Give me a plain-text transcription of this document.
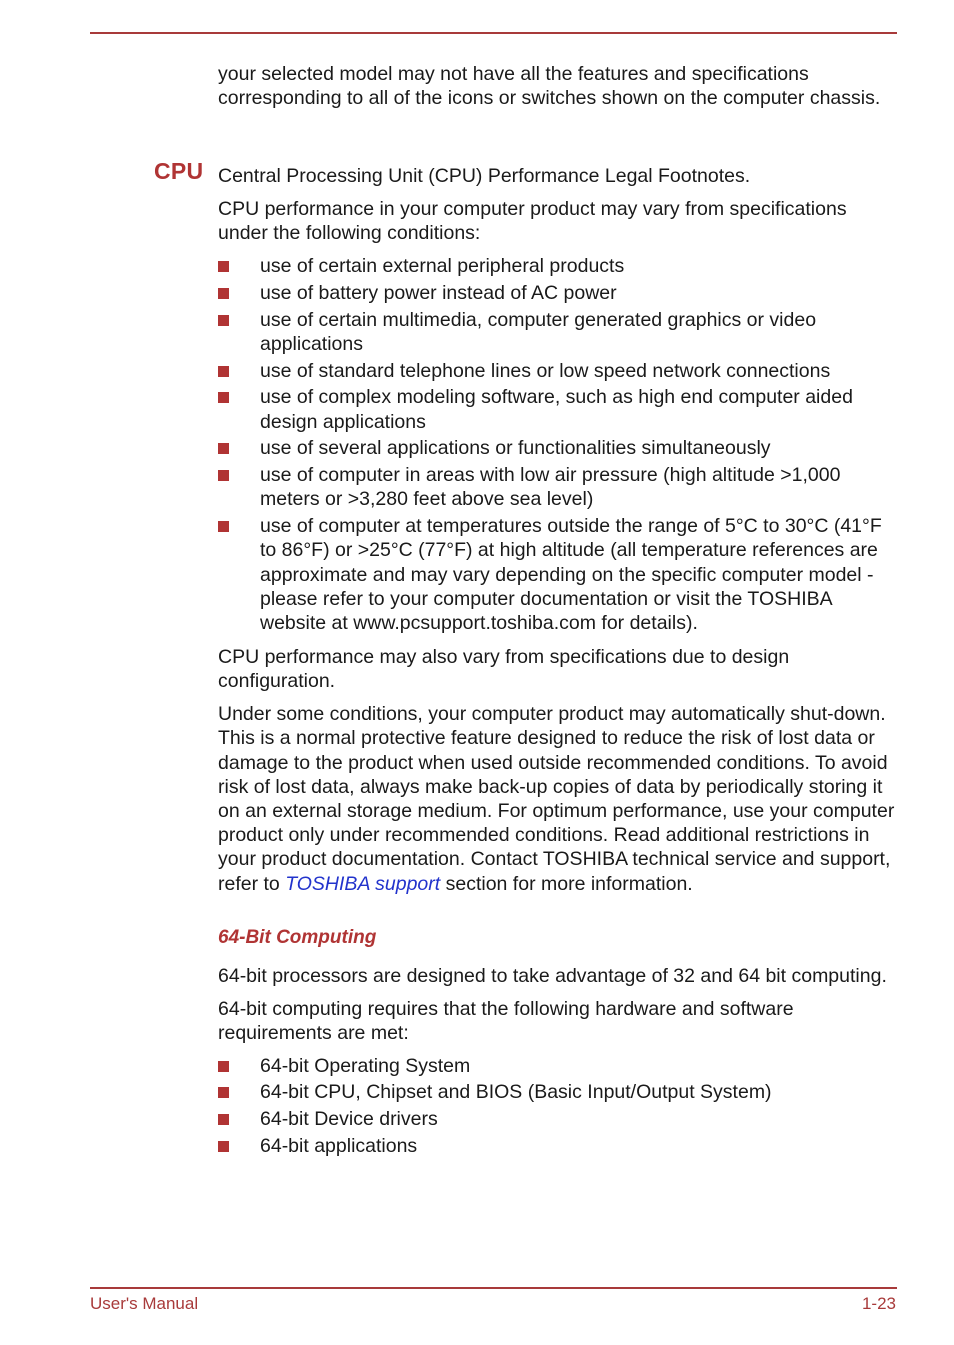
CPU

your selected model may not have all the features and specifications corresponding to all of the icons or switches shown on the computer chassis.

Central Processing Unit (CPU) Performance Legal Footnotes.

CPU performance in your computer product may vary from specifications under the following conditions:

use of certain external peripheral products
use of battery power instead of AC power
use of certain multimedia, computer generated graphics or video applications
use of standard telephone lines or low speed network connections
use of complex modeling software, such as high end computer aided design applications
use of several applications or functionalities simultaneously
use of computer in areas with low air pressure (high altitude >1,000 meters or >3,280 feet above sea level)
use of computer at temperatures outside the range of 5°C to 30°C (41°F to 86°F) or >25°C (77°F) at high altitude (all temperature references are approximate and may vary depending on the specific computer model - please refer to your computer documentation or visit the TOSHIBA website at www.pcsupport.toshiba.com for details).

CPU performance may also vary from specifications due to design configuration.

Under some conditions, your computer product may automatically shut-down. This is a normal protective feature designed to reduce the risk of lost data or damage to the product when used outside recommended conditions. To avoid risk of lost data, always make back-up copies of data by periodically storing it on an external storage medium. For optimum performance, use your computer product only under recommended conditions. Read additional restrictions in your product documentation. Contact TOSHIBA technical service and support, refer to TOSHIBA support section for more information.

64-Bit Computing

64-bit processors are designed to take advantage of 32 and 64 bit computing.

64-bit computing requires that the following hardware and software requirements are met:

64-bit Operating System
64-bit CPU, Chipset and BIOS (Basic Input/Output System)
64-bit Device drivers
64-bit applications
User's Manual	1-23
